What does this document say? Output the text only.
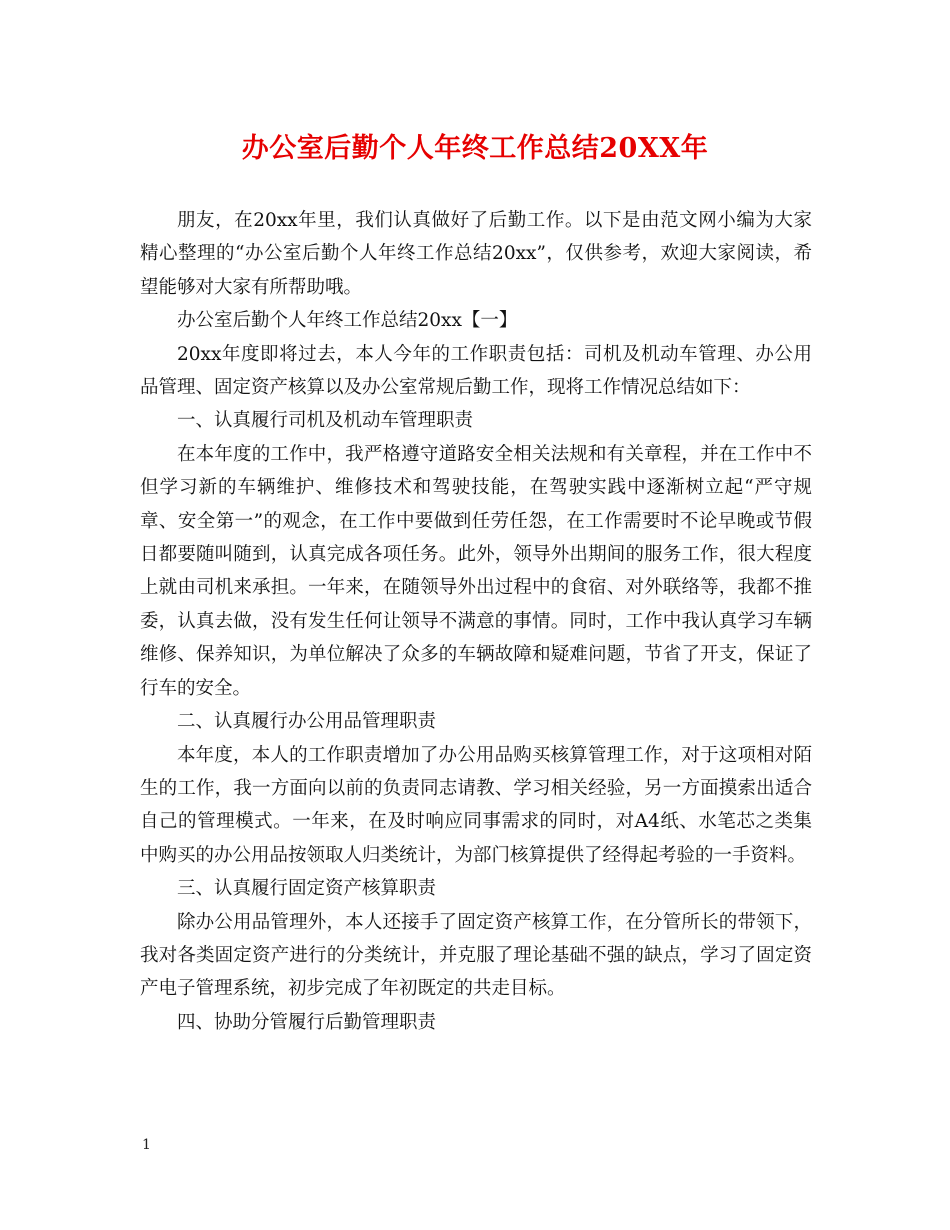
办公室后勤个人年终工作总结20XX年

朋友，在20xx年里，我们认真做好了后勤工作。以下是由范文网小编为大家精心整理的“办公室后勤个人年终工作总结20xx”，仅供参考，欢迎大家阅读，希望能够对大家有所帮助哦。

办公室后勤个人年终工作总结20xx【一】

20xx年度即将过去，本人今年的工作职责包括：司机及机动车管理、办公用品管理、固定资产核算以及办公室常规后勤工作，现将工作情况总结如下：

一、认真履行司机及机动车管理职责

在本年度的工作中，我严格遵守道路安全相关法规和有关章程，并在工作中不但学习新的车辆维护、维修技术和驾驶技能，在驾驶实践中逐渐树立起“严守规章、安全第一”的观念，在工作中要做到任劳任怨，在工作需要时不论早晚或节假日都要随叫随到，认真完成各项任务。此外，领导外出期间的服务工作，很大程度上就由司机来承担。一年来，在随领导外出过程中的食宿、对外联络等，我都不推委，认真去做，没有发生任何让领导不满意的事情。同时，工作中我认真学习车辆维修、保养知识，为单位解决了众多的车辆故障和疑难问题，节省了开支，保证了行车的安全。

二、认真履行办公用品管理职责

本年度，本人的工作职责增加了办公用品购买核算管理工作，对于这项相对陌生的工作，我一方面向以前的负责同志请教、学习相关经验，另一方面摸索出适合自己的管理模式。一年来，在及时响应同事需求的同时，对A4纸、水笔芯之类集中购买的办公用品按领取人归类统计，为部门核算提供了经得起考验的一手资料。

三、认真履行固定资产核算职责

除办公用品管理外，本人还接手了固定资产核算工作，在分管所长的带领下，我对各类固定资产进行的分类统计，并克服了理论基础不强的缺点，学习了固定资产电子管理系统，初步完成了年初既定的共走目标。

四、协助分管履行后勤管理职责

1
